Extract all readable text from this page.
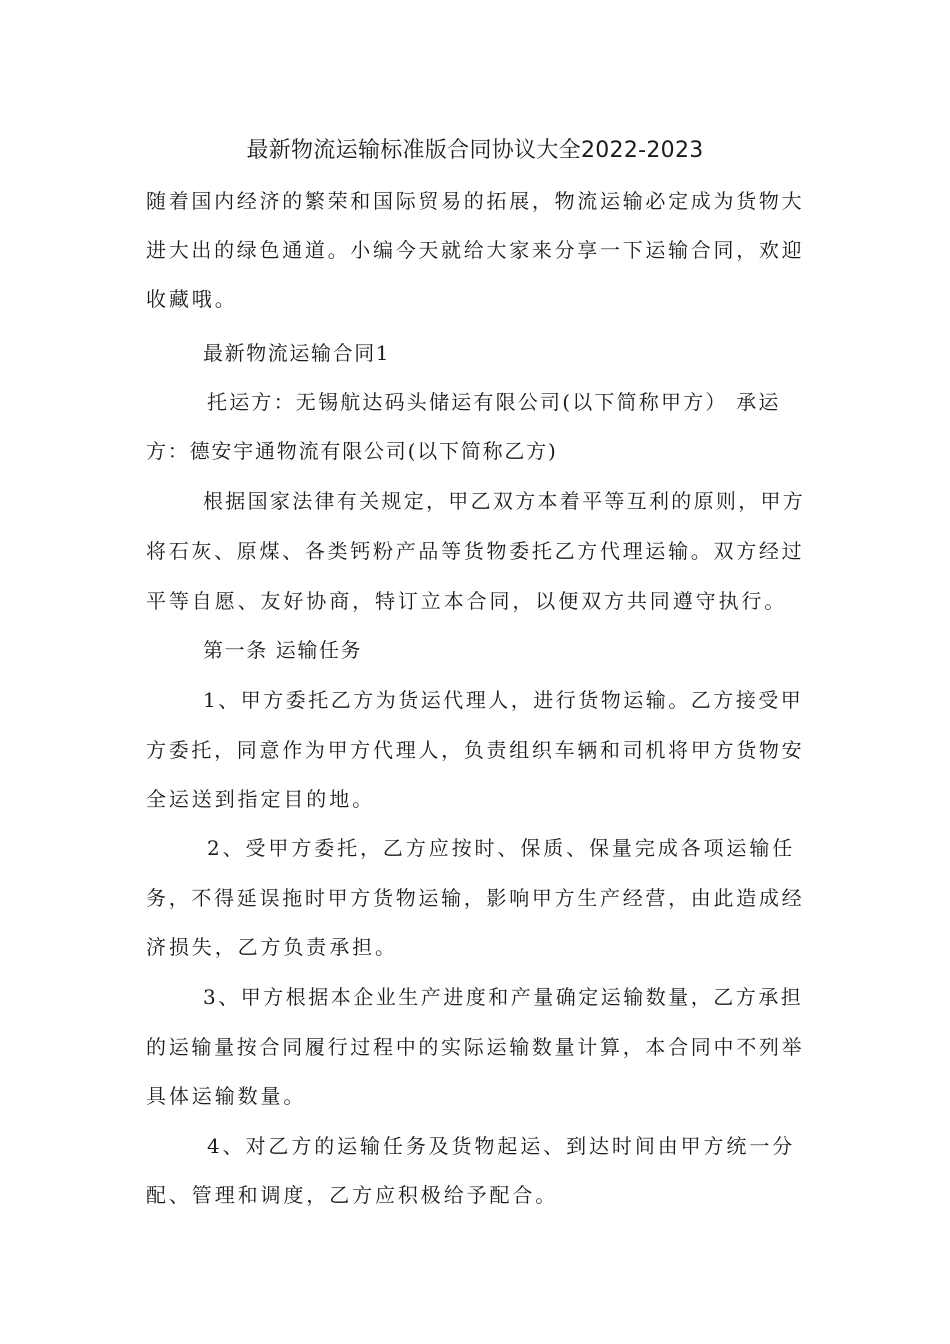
最新物流运输标准版合同协议大全2022-2023
随着国内经济的繁荣和国际贸易的拓展，物流运输必定成为货物大
进大出的绿色通道。小编今天就给大家来分享一下运输合同，欢迎
收藏哦。
最新物流运输合同1
托运方：无锡航达码头储运有限公司(以下简称甲方） 承运
方：德安宇通物流有限公司(以下简称乙方)
根据国家法律有关规定，甲乙双方本着平等互利的原则，甲方
将石灰、原煤、各类钙粉产品等货物委托乙方代理运输。双方经过
平等自愿、友好协商，特订立本合同，以便双方共同遵守执行。
第一条 运输任务
1、甲方委托乙方为货运代理人，进行货物运输。乙方接受甲
方委托，同意作为甲方代理人，负责组织车辆和司机将甲方货物安
全运送到指定目的地。
2、受甲方委托，乙方应按时、保质、保量完成各项运输任
务，不得延误拖时甲方货物运输，影响甲方生产经营，由此造成经
济损失，乙方负责承担。
3、甲方根据本企业生产进度和产量确定运输数量，乙方承担
的运输量按合同履行过程中的实际运输数量计算，本合同中不列举
具体运输数量。
4、对乙方的运输任务及货物起运、到达时间由甲方统一分
配、管理和调度，乙方应积极给予配合。
